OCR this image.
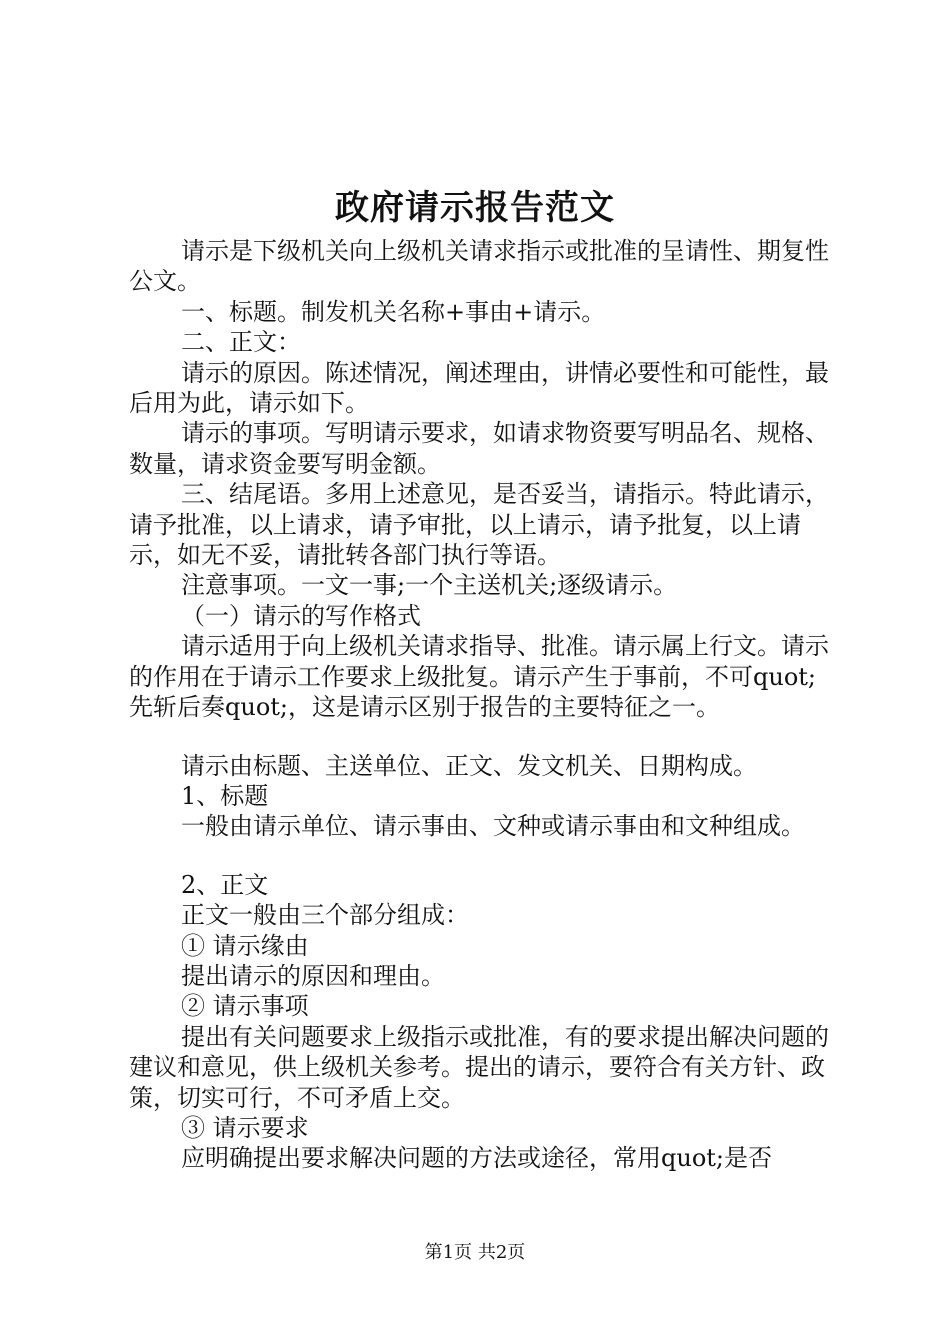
政府请示报告范文

请示是下级机关向上级机关请求指示或批准的呈请性、期复性公文。

一、标题。制发机关名称+事由+请示。

二、正文：

请示的原因。陈述情况，阐述理由，讲情必要性和可能性，最后用为此，请示如下。

请示的事项。写明请示要求，如请求物资要写明品名、规格、数量，请求资金要写明金额。

三、结尾语。多用上述意见，是否妥当，请指示。特此请示，请予批准，以上请求，请予审批，以上请示，请予批复，以上请示，如无不妥，请批转各部门执行等语。

注意事项。一文一事;一个主送机关;逐级请示。

（一）请示的写作格式

请示适用于向上级机关请求指导、批准。请示属上行文。请示的作用在于请示工作要求上级批复。请示产生于事前，不可quot;先斩后奏quot;，这是请示区别于报告的主要特征之一。

请示由标题、主送单位、正文、发文机关、日期构成。

1、标题

一般由请示单位、请示事由、文种或请示事由和文种组成。

2、正文

正文一般由三个部分组成：

① 请示缘由

提出请示的原因和理由。

② 请示事项

提出有关问题要求上级指示或批准，有的要求提出解决问题的建议和意见，供上级机关参考。提出的请示，要符合有关方针、政策，切实可行，不可矛盾上交。

③ 请示要求

应明确提出要求解决问题的方法或途径，常用quot;是否

第1页 共2页
